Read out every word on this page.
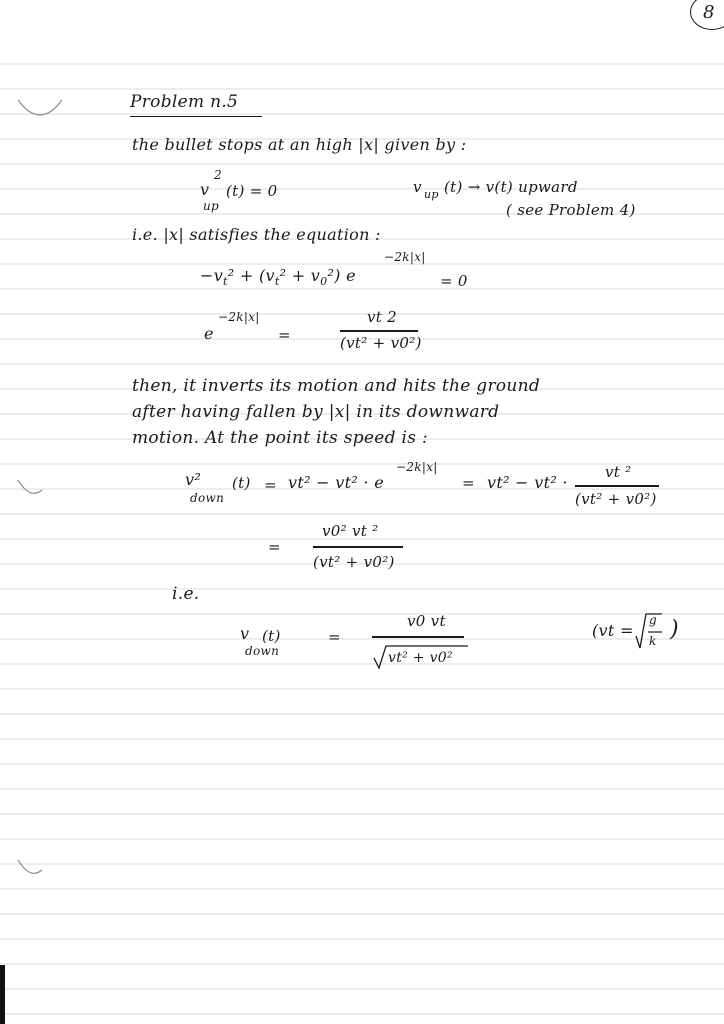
8
Problem n.5
the bullet stops at an high |x| given by :
v
2
up
(t) = 0	v up (t) → v(t) upward
( see Problem 4)
i.e. |x| satisfies the equation :
$-v_t^2 + (v_t^2 + v_0^2)$ e
−2k|x|
= 0
e
−2k|x|
=
vt 2
(vt² + v0²)
then, it inverts its motion and hits the ground
after having fallen by |x| in its downward
motion. At the point its speed is :
v² (t)
down
= vt² − vt² · e
−2k|x|
= vt² − vt² ·
vt ²
(vt² + v0²)
=
v0² vt ²
(vt² + v0²)
i.e.
v (t)
down
=
v0 vt
vt² + v0²
(vt =
g
k )
